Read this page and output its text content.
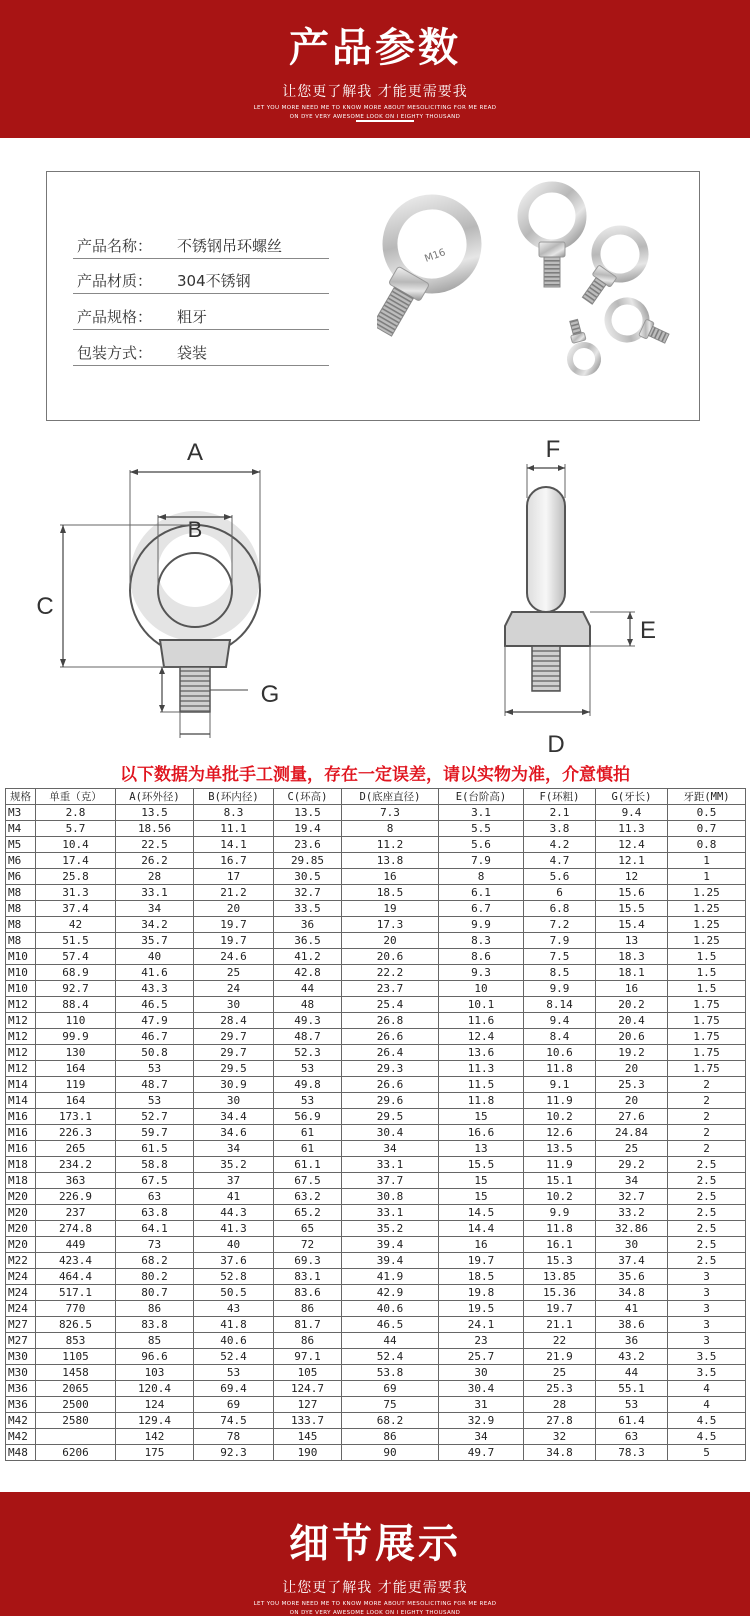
产品参数
让您更了解我 才能更需要我
LET YOU MORE NEED ME TO KNOW MORE ABOUT MESOLICITING FOR ME READ
ON DYE VERY AWESOME LOOK ON I EIGHTY THOUSAND
产品名称： 不锈钢吊环螺丝
产品材质： 304不锈钢
产品规格： 粗牙
包装方式： 袋装
M16
A
B
C
G
F
E
D
以下数据为单批手工测量，存在一定误差，请以实物为准，介意慎拍
规格	单重（克）	A(环外径)	B(环内径)	C(环高)	D(底座直径)	E(台阶高)	F(环粗)	G(牙长)	牙距(MM)
M3	2.8	13.5	8.3	13.5	7.3	3.1	2.1	9.4	0.5
M4	5.7	18.56	11.1	19.4	8	5.5	3.8	11.3	0.7
M5	10.4	22.5	14.1	23.6	11.2	5.6	4.2	12.4	0.8
M6	17.4	26.2	16.7	29.85	13.8	7.9	4.7	12.1	1
M6	25.8	28	17	30.5	16	8	5.6	12	1
M8	31.3	33.1	21.2	32.7	18.5	6.1	6	15.6	1.25
M8	37.4	34	20	33.5	19	6.7	6.8	15.5	1.25
M8	42	34.2	19.7	36	17.3	9.9	7.2	15.4	1.25
M8	51.5	35.7	19.7	36.5	20	8.3	7.9	13	1.25
M10	57.4	40	24.6	41.2	20.6	8.6	7.5	18.3	1.5
M10	68.9	41.6	25	42.8	22.2	9.3	8.5	18.1	1.5
M10	92.7	43.3	24	44	23.7	10	9.9	16	1.5
M12	88.4	46.5	30	48	25.4	10.1	8.14	20.2	1.75
M12	110	47.9	28.4	49.3	26.8	11.6	9.4	20.4	1.75
M12	99.9	46.7	29.7	48.7	26.6	12.4	8.4	20.6	1.75
M12	130	50.8	29.7	52.3	26.4	13.6	10.6	19.2	1.75
M12	164	53	29.5	53	29.3	11.3	11.8	20	1.75
M14	119	48.7	30.9	49.8	26.6	11.5	9.1	25.3	2
M14	164	53	30	53	29.6	11.8	11.9	20	2
M16	173.1	52.7	34.4	56.9	29.5	15	10.2	27.6	2
M16	226.3	59.7	34.6	61	30.4	16.6	12.6	24.84	2
M16	265	61.5	34	61	34	13	13.5	25	2
M18	234.2	58.8	35.2	61.1	33.1	15.5	11.9	29.2	2.5
M18	363	67.5	37	67.5	37.7	15	15.1	34	2.5
M20	226.9	63	41	63.2	30.8	15	10.2	32.7	2.5
M20	237	63.8	44.3	65.2	33.1	14.5	9.9	33.2	2.5
M20	274.8	64.1	41.3	65	35.2	14.4	11.8	32.86	2.5
M20	449	73	40	72	39.4	16	16.1	30	2.5
M22	423.4	68.2	37.6	69.3	39.4	19.7	15.3	37.4	2.5
M24	464.4	80.2	52.8	83.1	41.9	18.5	13.85	35.6	3
M24	517.1	80.7	50.5	83.6	42.9	19.8	15.36	34.8	3
M24	770	86	43	86	40.6	19.5	19.7	41	3
M27	826.5	83.8	41.8	81.7	46.5	24.1	21.1	38.6	3
M27	853	85	40.6	86	44	23	22	36	3
M30	1105	96.6	52.4	97.1	52.4	25.7	21.9	43.2	3.5
M30	1458	103	53	105	53.8	30	25	44	3.5
M36	2065	120.4	69.4	124.7	69	30.4	25.3	55.1	4
M36	2500	124	69	127	75	31	28	53	4
M42	2580	129.4	74.5	133.7	68.2	32.9	27.8	61.4	4.5
M42		142	78	145	86	34	32	63	4.5
M48	6206	175	92.3	190	90	49.7	34.8	78.3	5
细节展示
让您更了解我 才能更需要我
LET YOU MORE NEED ME TO KNOW MORE ABOUT MESOLICITING FOR ME READ
ON DYE VERY AWESOME LOOK ON I EIGHTY THOUSAND
